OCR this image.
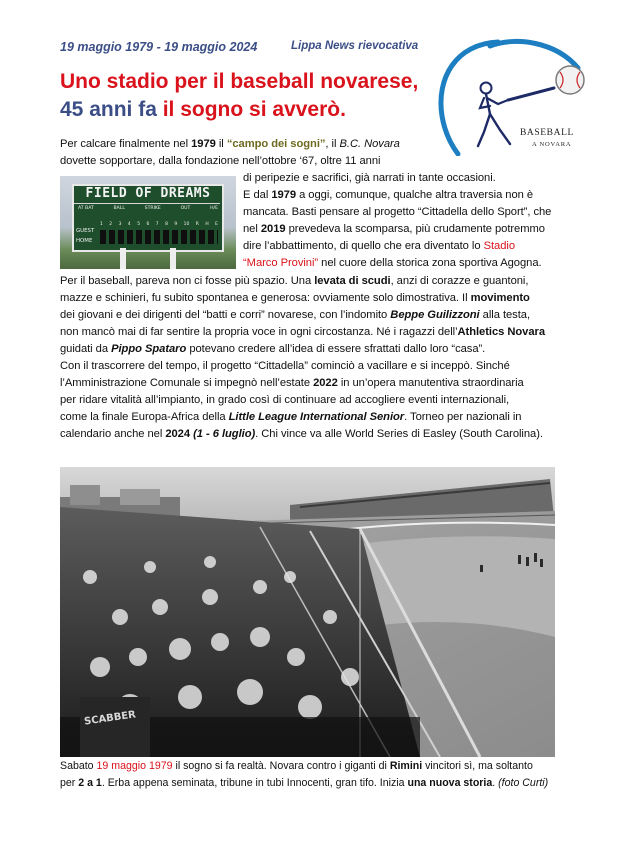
19 maggio 1979 - 19 maggio 2024	Lippa News rievocativa
Uno stadio per il baseball novarese,
45 anni fa il sogno si avverò.
BASEBALL
A NOVARA
FIELD OF DREAMS
AT BAT	BALL	STRIKE	OUT	H/E
1 2 3 4 5 6 7 8 9 10 R H E
GUEST
HOME
Per calcare finalmente nel 1979 il “campo dei sogni”, il B.C. Novara
dovette sopportare, dalla fondazione nell’ottobre ‘67, oltre 11 anni
di peripezie e sacrifici, già narrati in tante occasioni.
E dal 1979 a oggi, comunque, qualche altra traversia non è
mancata. Basti pensare al progetto “Cittadella dello Sport”, che
nel 2019 prevedeva la scomparsa, più crudamente potremmo
dire l’abbattimento, di quello che era diventato lo Stadio
“Marco Provini” nel cuore della storica zona sportiva Agogna.
Per il baseball, pareva non ci fosse più spazio. Una levata di scudi, anzi di corazze e guantoni,
mazze e schinieri, fu subito spontanea e generosa: ovviamente solo dimostrativa. Il movimento
dei giovani e dei dirigenti del “batti e corri” novarese, con l’indomito Beppe Guilizzoni alla testa,
non mancò mai di far sentire la propria voce in ogni circostanza. Né i ragazzi dell’Athletics Novara
guidati da Pippo Spataro potevano credere all’idea di essere sfrattati dallo loro “casa”.
Con il trascorrere del tempo, il progetto “Cittadella” cominciò a vacillare e si inceppò. Sinché
l’Amministrazione Comunale si impegnò nell’estate 2022 in un’opera manutentiva straordinaria
per ridare vitalità all’impianto, in grado così di continuare ad accogliere eventi internazionali,
come la finale Europa-Africa della Little League International Senior. Torneo per nazionali in
calendario anche nel 2024 (1 - 6 luglio). Chi vince va alle World Series di Easley (South Carolina).
SCABBER
Sabato 19 maggio 1979 il sogno si fa realtà. Novara contro i giganti di Rimini vincitori sì, ma soltanto
per 2 a 1. Erba appena seminata, tribune in tubi Innocenti, gran tifo. Inizia una nuova storia. (foto Curti)
